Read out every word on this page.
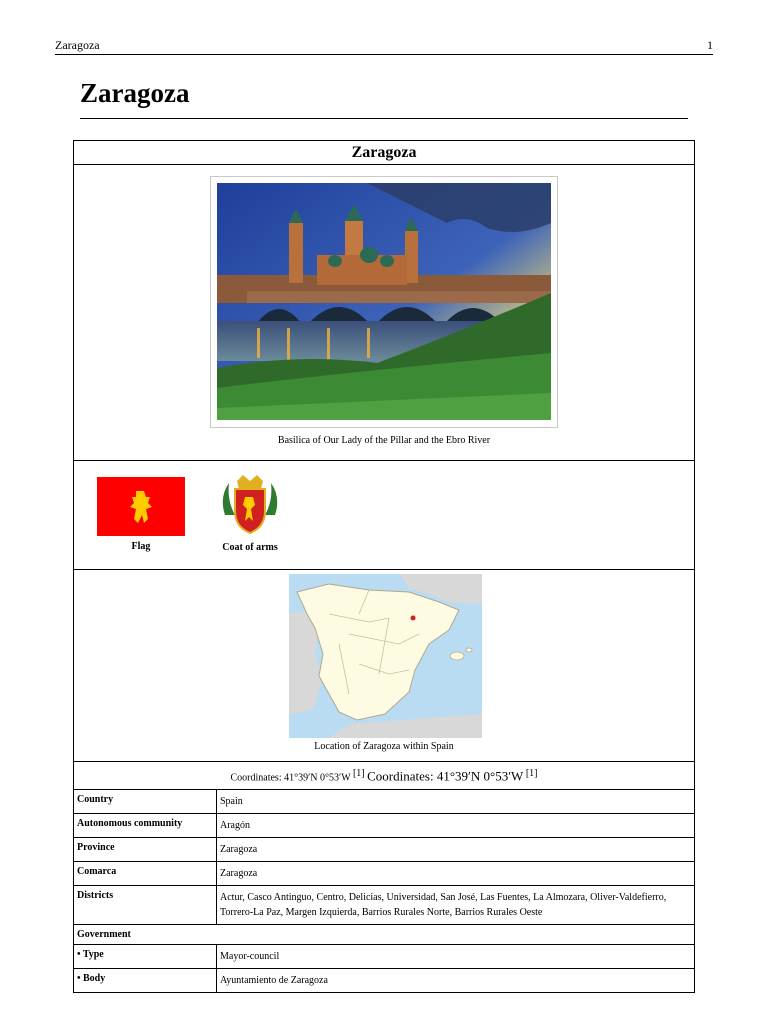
Zaragoza	1
Zaragoza
Zaragoza
Basilica of Our Lady of the Pillar and the Ebro River
Flag	Coat of arms
Location of Zaragoza within Spain
Coordinates: 41°39′N 0°53′W [1] Coordinates: 41°39′N 0°53′W [1]
Country	Spain
Autonomous community	Aragón
Province	Zaragoza
Comarca	Zaragoza
Districts	Actur, Casco Antinguo, Centro, Delicias, Universidad, San José, Las Fuentes, La Almozara, Oliver-Valdefierro, Torrero-La Paz, Margen Izquierda, Barrios Rurales Norte, Barrios Rurales Oeste
Government
• Type	Mayor-council
• Body	Ayuntamiento de Zaragoza
